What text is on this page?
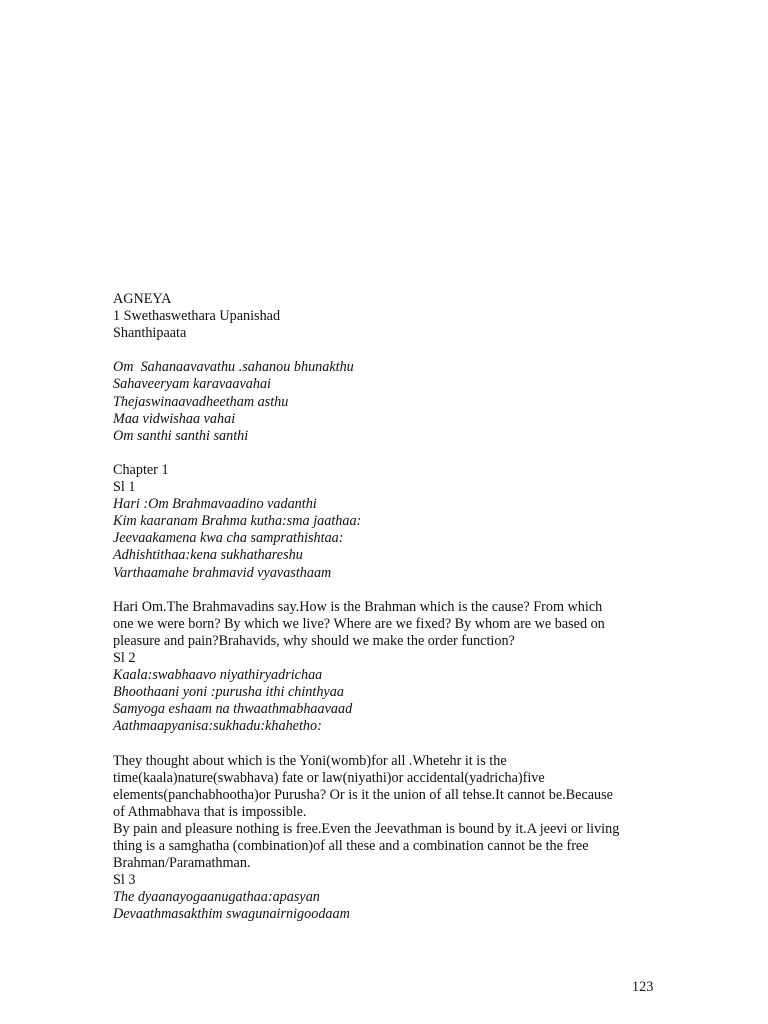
AGNEYA
1 Swethaswethara Upanishad
Shanthipaata
Om  Sahanaavavathu .sahanou bhunakthu
Sahaveeryam karavaavahai
Thejaswinaavadheetham asthu
Maa vidwishaa vahai
Om santhi santhi santhi
Chapter 1
Sl 1
Hari :Om Brahmavaadino vadanthi
Kim kaaranam Brahma kutha:sma jaathaa:
Jeevaakamena kwa cha samprathishtaa:
Adhishtithaa:kena sukhathareshu
Varthaamahe brahmavid vyavasthaam
Hari Om.The Brahmavadins say.How is the Brahman which is the cause? From which
one we were born? By which we live? Where are we fixed? By whom are we based on
pleasure and pain?Brahavids, why should we make the order function?
Sl 2
Kaala:swabhaavo niyathiryadrichaa
Bhoothaani yoni :purusha ithi chinthyaa
Samyoga eshaam na thwaathmabhaavaad
Aathmaapyanisa:sukhadu:khahetho:
They thought about which is the Yoni(womb)for all .Whetehr it is the
time(kaala)nature(swabhava) fate or law(niyathi)or accidental(yadricha)five
elements(panchabhootha)or Purusha? Or is it the union of all tehse.It cannot be.Because
of Athmabhava that is impossible.
By pain and pleasure nothing is free.Even the Jeevathman is bound by it.A jeevi or living
thing is a samghatha (combination)of all these and a combination cannot be the free
Brahman/Paramathman.
Sl 3
The dyaanayogaanugathaa:apasyan
Devaathmasakthim swagunairnigoodaam
123
